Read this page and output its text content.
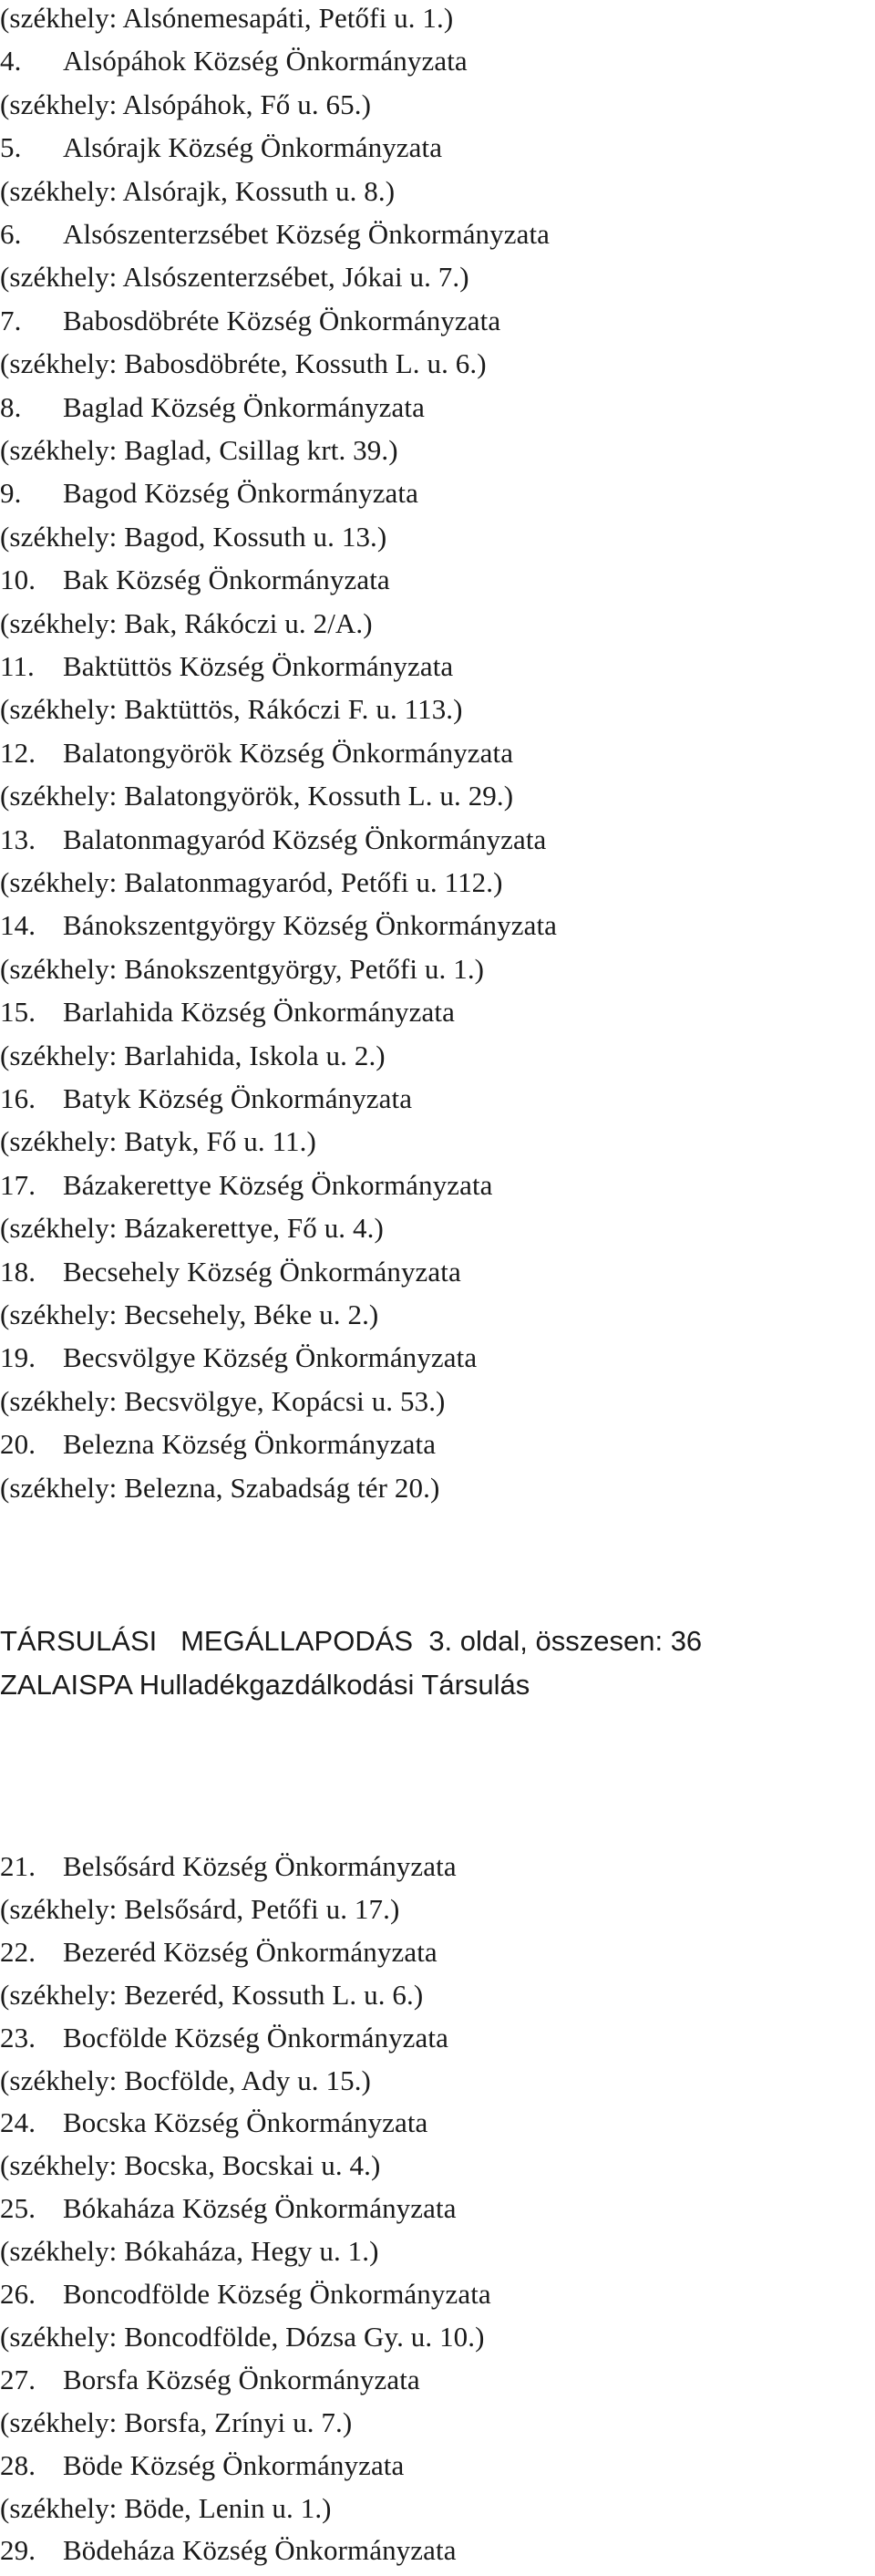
(székhely: Alsónemesapáti, Petőfi u. 1.)
4. Alsópáhok Község Önkormányzata
(székhely: Alsópáhok, Fő u. 65.)
5. Alsórajk Község Önkormányzata
(székhely: Alsórajk, Kossuth u. 8.)
6. Alsószenterzsébet Község Önkormányzata
(székhely: Alsószenterzsébet, Jókai u. 7.)
7. Babosdöbréte Község Önkormányzata
(székhely: Babosdöbréte, Kossuth L. u. 6.)
8. Baglad Község Önkormányzata
(székhely: Baglad, Csillag krt. 39.)
9. Bagod Község Önkormányzata
(székhely: Bagod, Kossuth u. 13.)
10. Bak Község Önkormányzata
(székhely: Bak, Rákóczi u. 2/A.)
11. Baktüttös Község Önkormányzata
(székhely: Baktüttös, Rákóczi F. u. 113.)
12. Balatongyörök Község Önkormányzata
(székhely: Balatongyörök, Kossuth L. u. 29.)
13. Balatonmagyaród Község Önkormányzata
(székhely: Balatonmagyaród, Petőfi u. 112.)
14. Bánokszentgyörgy Község Önkormányzata
(székhely: Bánokszentgyörgy, Petőfi u. 1.)
15. Barlahida Község Önkormányzata
(székhely: Barlahida, Iskola u. 2.)
16. Batyk Község Önkormányzata
(székhely: Batyk, Fő u. 11.)
17. Bázakerettye Község Önkormányzata
(székhely: Bázakerettye, Fő u. 4.)
18. Becsehely Község Önkormányzata
(székhely: Becsehely, Béke u. 2.)
19. Becsvölgye Község Önkormányzata
(székhely: Becsvölgye, Kopácsi u. 53.)
20. Belezna Község Önkormányzata
(székhely: Belezna, Szabadság tér 20.)
TÁRSULÁSI   MEGÁLLAPODÁS  3. oldal, összesen: 36
ZALAISPA Hulladékgazdálkodási Társulás
21. Belsősárd Község Önkormányzata
(székhely: Belsősárd, Petőfi u. 17.)
22. Bezeréd Község Önkormányzata
(székhely: Bezeréd, Kossuth L. u. 6.)
23. Bocfölde Község Önkormányzata
(székhely: Bocfölde, Ady u. 15.)
24. Bocska Község Önkormányzata
(székhely: Bocska, Bocskai u. 4.)
25. Bókaháza Község Önkormányzata
(székhely: Bókaháza, Hegy u. 1.)
26. Boncodfölde Község Önkormányzata
(székhely: Boncodfölde, Dózsa Gy. u. 10.)
27. Borsfa Község Önkormányzata
(székhely: Borsfa, Zrínyi u. 7.)
28. Böde Község Önkormányzata
(székhely: Böde, Lenin u. 1.)
29. Bödeháza Község Önkormányzata
